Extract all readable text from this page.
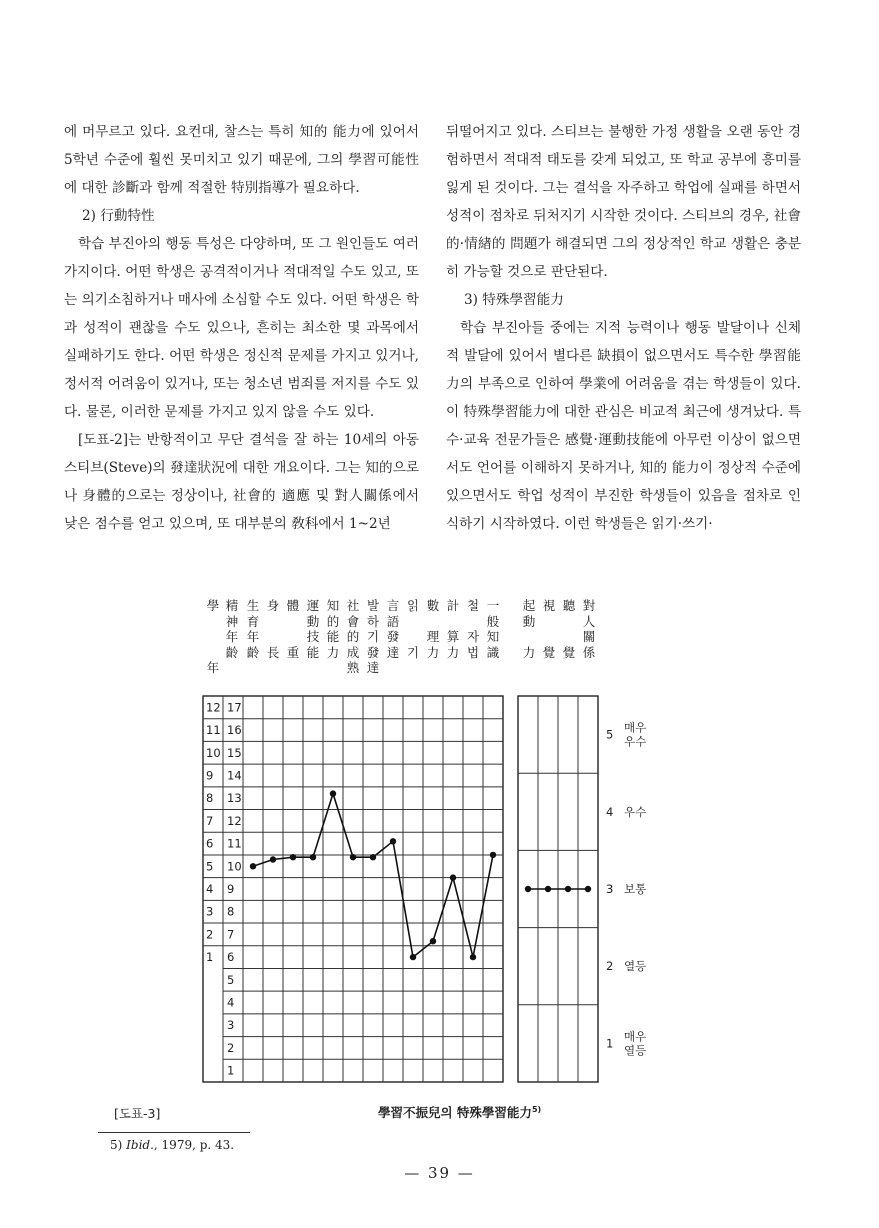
에 머무르고 있다. 요컨대, 찰스는 특히 知的 能力에 있어서 5학년 수준에 훨씬 못미치고 있기 때문에, 그의 學習可能性에 대한 診斷과 함께 적절한 特別指導가 필요하다.

2) 行動特性

학습 부진아의 행동 특성은 다양하며, 또 그 원인들도 여러 가지이다. 어떤 학생은 공격적이거나 적대적일 수도 있고, 또는 의기소침하거나 매사에 소심할 수도 있다. 어떤 학생은 학과 성적이 괜찮을 수도 있으나, 흔히는 최소한 몇 과목에서 실패하기도 한다. 어떤 학생은 정신적 문제를 가지고 있거나, 정서적 어려움이 있거나, 또는 청소년 범죄를 저지를 수도 있다. 물론, 이러한 문제를 가지고 있지 않을 수도 있다.

[도표-2]는 반항적이고 무단 결석을 잘 하는 10세의 아동 스티브(Steve)의 發達狀況에 대한 개요이다. 그는 知的으로나 身體的으로는 정상이나, 社會的 適應 및 對人關係에서 낮은 점수를 얻고 있으며, 또 대부분의 敎科에서 1~2년

뒤떨어지고 있다. 스티브는 불행한 가정 생활을 오랜 동안 경험하면서 적대적 태도를 갖게 되었고, 또 학교 공부에 흥미를 잃게 된 것이다. 그는 결석을 자주하고 학업에 실패를 하면서 성적이 점차로 뒤처지기 시작한 것이다. 스티브의 경우, 社會的·情緖的 問題가 해결되면 그의 정상적인 학교 생활은 충분히 가능할 것으로 판단된다.

3) 特殊學習能力

학습 부진아들 중에는 지적 능력이나 행동 발달이나 신체적 발달에 있어서 별다른 缺損이 없으면서도 특수한 學習能力의 부족으로 인하여 學業에 어려움을 겪는 학생들이 있다. 이 特殊學習能力에 대한 관심은 비교적 최근에 생겨났다. 특수·교육 전문가들은 感覺·運動技能에 아무런 이상이 없으면서도 언어를 이해하지 못하거나, 知的 能力이 정상적 수준에 있으면서도 학업 성적이 부진한 학생들이 있음을 점차로 인식하기 시작하였다. 이런 학생들은 읽기·쓰기·

學
年
精
神
年
齡
生
育
年
齡
身
長
體
重
運
動
技
能
知
的
能
力
社
會
的
成
熟
발
하
기
發
達
言
語
發
達
읽
기
數
理
力
計
算
力
철
자
법
一
般
知
識
起
動
力
視
覺
聽
覺
對
人
關
係
12
11
10
9
8
7
6
5
4
3
2
1
17
16
15
14
13
12
11
10
9
8
7
6
5
4
3
2
1
5 매우
우수
4 우수
3 보통
2 열등
1 매우
열등
[도표-3]	學習不振兒의 特殊學習能力$^{5)}$
5) Ibid., 1979, p. 43.
— 39 —
